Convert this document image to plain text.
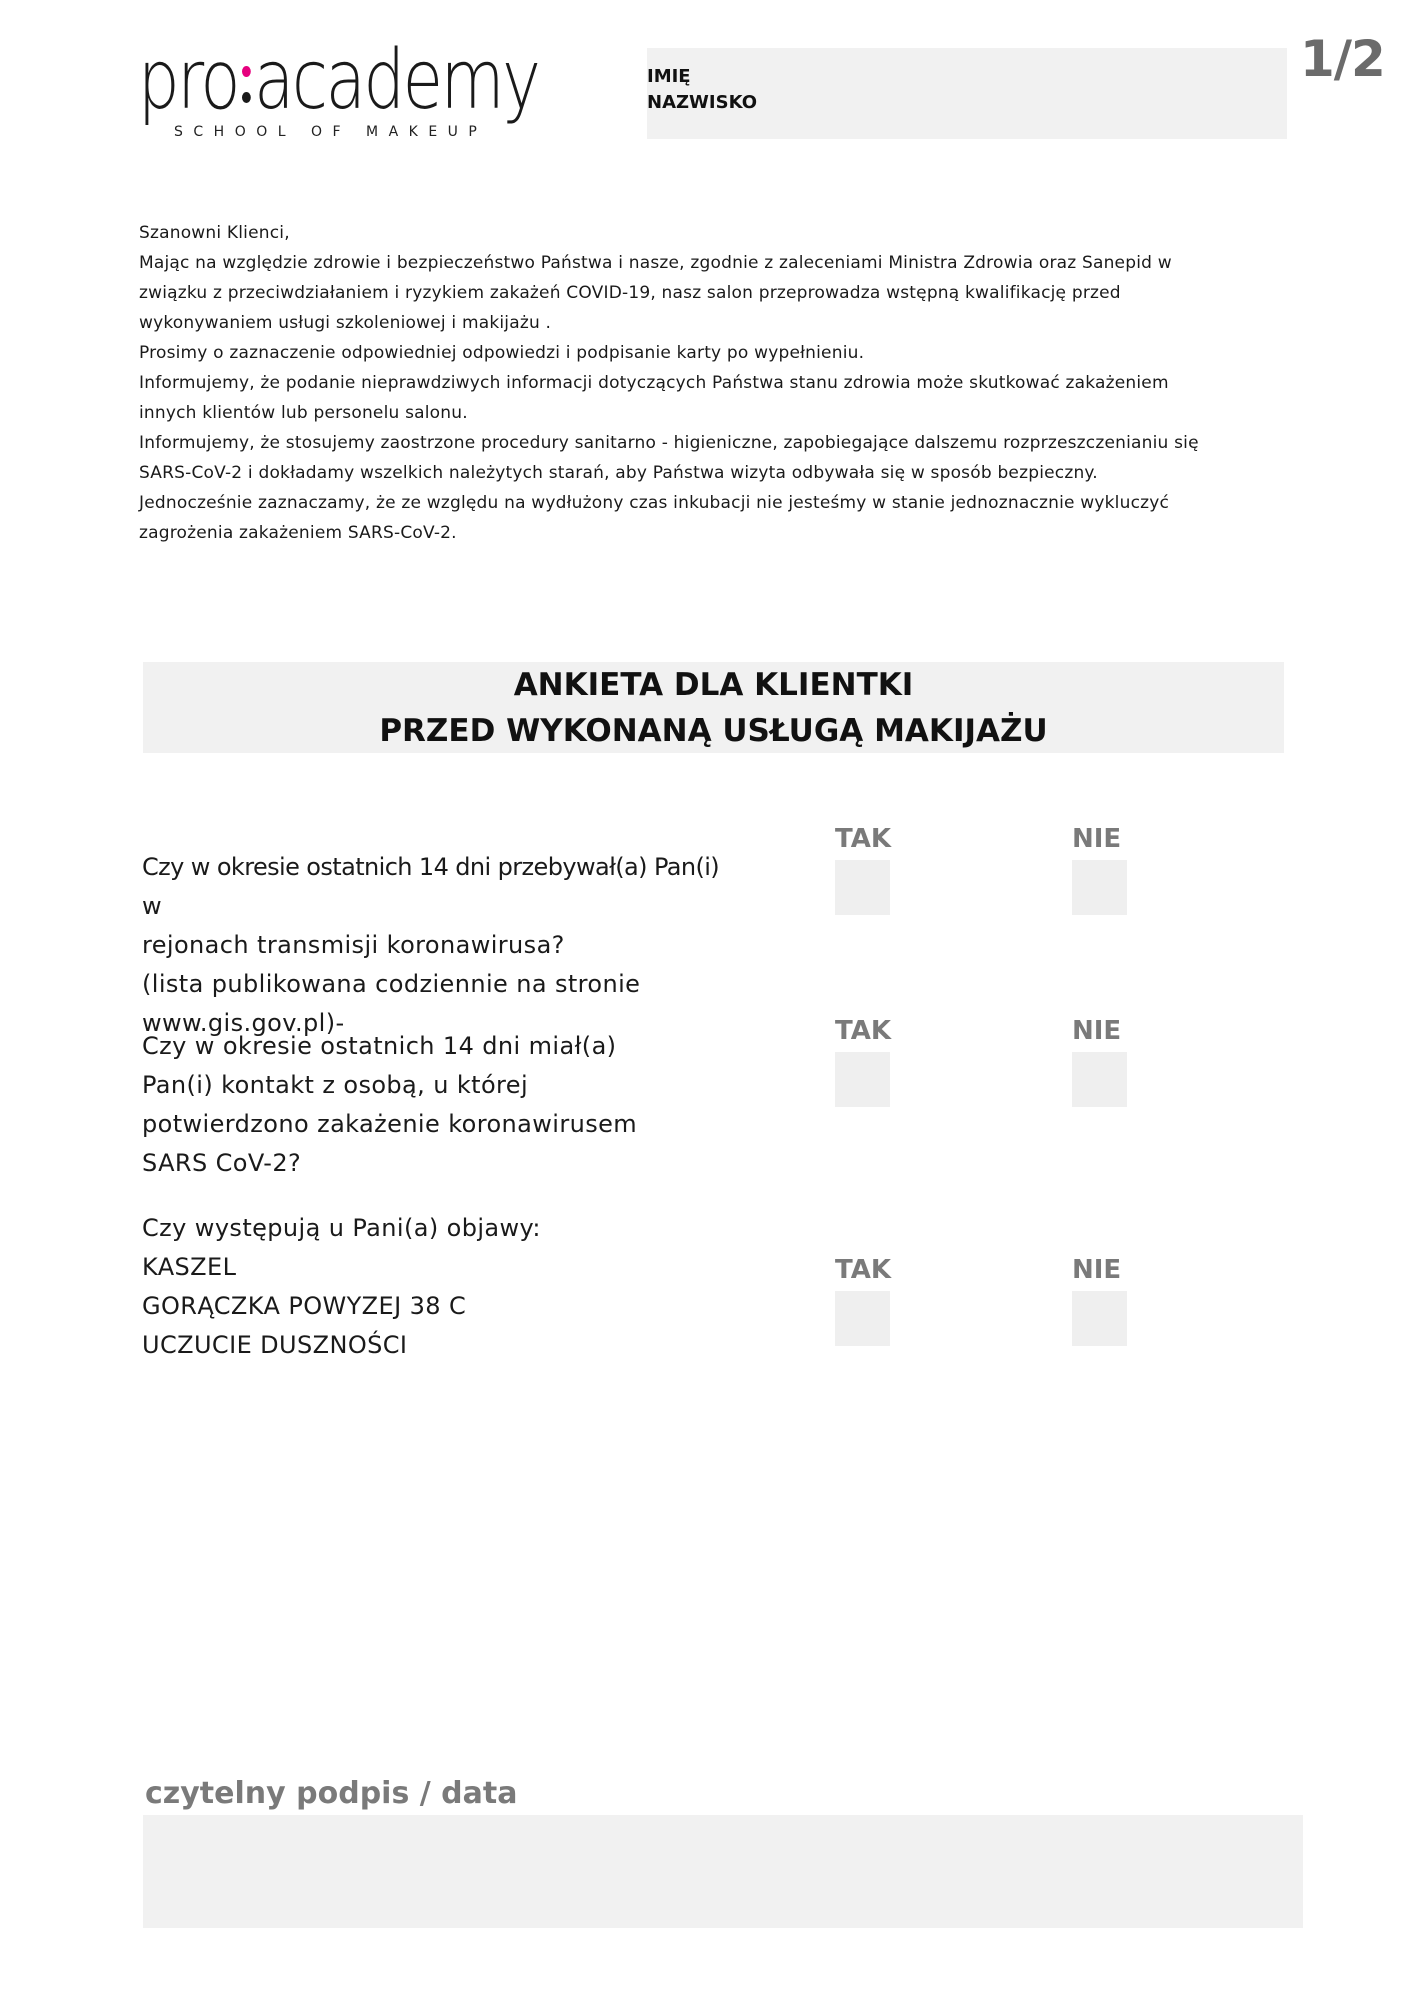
pro academy
SCHOOL OF MAKEUP
IMIĘ
NAZWISKO
1/2

Szanowni Klienci,

Mając na względzie zdrowie i bezpieczeństwo Państwa i nasze, zgodnie z zaleceniami Ministra Zdrowia oraz Sanepid w

związku z przeciwdziałaniem i ryzykiem zakażeń COVID-19, nasz salon przeprowadza wstępną kwalifikację przed

wykonywaniem usługi szkoleniowej i makijażu .

Prosimy o zaznaczenie odpowiedniej odpowiedzi i podpisanie karty po wypełnieniu.

Informujemy, że podanie nieprawdziwych informacji dotyczących Państwa stanu zdrowia może skutkować zakażeniem

innych klientów lub personelu salonu.

Informujemy, że stosujemy zaostrzone procedury sanitarno - higieniczne, zapobiegające dalszemu rozprzeszczenianiu się

SARS-CoV-2 i dokładamy wszelkich należytych starań, aby Państwa wizyta odbywała się w sposób bezpieczny.

Jednocześnie zaznaczamy, że ze względu na wydłużony czas inkubacji nie jesteśmy w stanie jednoznacznie wykluczyć

zagrożenia zakażeniem SARS-CoV-2.

ANKIETA DLA KLIENTKI
PRZED WYKONANĄ USŁUGĄ MAKIJAŻU

Czy w okresie ostatnich 14 dni przebywał(a) Pan(i) w

rejonach transmisji koronawirusa?

(lista publikowana codziennie na stronie

www.gis.gov.pl)-

TAK	NIE

Czy w okresie ostatnich 14 dni miał(a)

Pan(i) kontakt z osobą, u której

potwierdzono zakażenie koronawirusem

SARS CoV-2?

TAK	NIE

Czy występują u Pani(a) objawy:

KASZEL

GORĄCZKA POWYZEJ 38 C

UCZUCIE DUSZNOŚCI

TAK	NIE
czytelny podpis / data
